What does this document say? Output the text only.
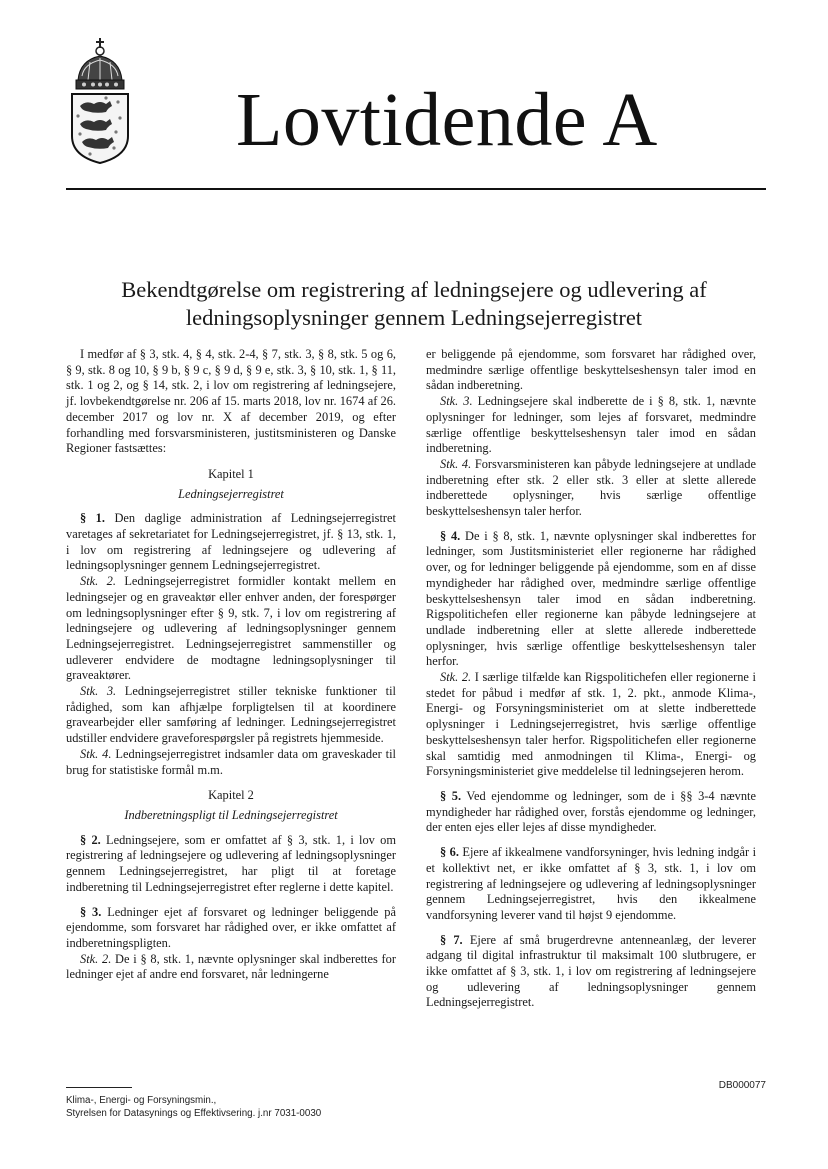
Lovtidende A
Bekendtgørelse om registrering af ledningsejere og udlevering af
ledningsoplysninger gennem Ledningsejerregistret

I medfør af § 3, stk. 4, § 4, stk. 2-4, § 7, stk. 3, § 8, stk. 5 og 6, § 9, stk. 8 og 10, § 9 b, § 9 c, § 9 d, § 9 e, stk. 3, § 10, stk. 1, § 11, stk. 1 og 2, og § 14, stk. 2, i lov om registrering af ledningsejere, jf. lovbekendtgørelse nr. 206 af 15. marts 2018, lov nr. 1674 af 26. december 2017 og lov nr. X af december 2019, og efter forhandling med forsvarsministeren, justitsministeren og Danske Regioner fastsættes:

Kapitel 1

Ledningsejerregistret

§ 1. Den daglige administration af Ledningsejerregistret varetages af sekretariatet for Ledningsejerregistret, jf. § 13, stk. 1, i lov om registrering af ledningsejere og udlevering af ledningsoplysninger gennem Ledningsejerregistret.

Stk. 2. Ledningsejerregistret formidler kontakt mellem en ledningsejer og en graveaktør eller enhver anden, der forespørger om ledningsoplysninger efter § 9, stk. 7, i lov om registrering af ledningsejere og udlevering af ledningsoplysninger gennem Ledningsejerregistret. Ledningsejerregistret sammenstiller og udleverer endvidere de modtagne ledningsoplysninger til graveaktører.

Stk. 3. Ledningsejerregistret stiller tekniske funktioner til rådighed, som kan afhjælpe forpligtelsen til at koordinere gravearbejder eller samføring af ledninger. Ledningsejerregistret udstiller endvidere graveforespørgsler på registrets hjemmeside.

Stk. 4. Ledningsejerregistret indsamler data om graveskader til brug for statistiske formål m.m.

Kapitel 2

Indberetningspligt til Ledningsejerregistret

§ 2. Ledningsejere, som er omfattet af § 3, stk. 1, i lov om registrering af ledningsejere og udlevering af ledningsoplysninger gennem Ledningsejerregistret, har pligt til at foretage indberetning til Ledningsejerregistret efter reglerne i dette kapitel.

§ 3. Ledninger ejet af forsvaret og ledninger beliggende på ejendomme, som forsvaret har rådighed over, er ikke omfattet af indberetningspligten.

Stk. 2. De i § 8, stk. 1, nævnte oplysninger skal indberettes for ledninger ejet af andre end forsvaret, når ledningerne

er beliggende på ejendomme, som forsvaret har rådighed over, medmindre særlige offentlige beskyttelseshensyn taler imod en sådan indberetning.

Stk. 3. Ledningsejere skal indberette de i § 8, stk. 1, nævnte oplysninger for ledninger, som lejes af forsvaret, medmindre særlige offentlige beskyttelseshensyn taler imod en sådan indberetning.

Stk. 4. Forsvarsministeren kan påbyde ledningsejere at undlade indberetning efter stk. 2 eller stk. 3 eller at slette allerede indberettede oplysninger, hvis særlige offentlige beskyttelseshensyn taler herfor.

§ 4. De i § 8, stk. 1, nævnte oplysninger skal indberettes for ledninger, som Justitsministeriet eller regionerne har rådighed over, og for ledninger beliggende på ejendomme, som en af disse myndigheder har rådighed over, medmindre særlige offentlige beskyttelseshensyn taler imod en sådan indberetning. Rigspolitichefen eller regionerne kan påbyde ledningsejere at undlade indberetning eller at slette allerede indberettede oplysninger, hvis særlige offentlige beskyttelseshensyn taler herfor.

Stk. 2. I særlige tilfælde kan Rigspolitichefen eller regionerne i stedet for påbud i medfør af stk. 1, 2. pkt., anmode Klima-, Energi- og Forsyningsministeriet om at slette indberettede oplysninger i Ledningsejerregistret, hvis særlige offentlige beskyttelseshensyn taler herfor. Rigspolitichefen eller regionerne skal samtidig med anmodningen til Klima-, Energi- og Forsyningsministeriet give meddelelse til ledningsejeren herom.

§ 5. Ved ejendomme og ledninger, som de i §§ 3-4 nævnte myndigheder har rådighed over, forstås ejendomme og ledninger, der enten ejes eller lejes af disse myndigheder.

§ 6. Ejere af ikkealmene vandforsyninger, hvis ledning indgår i et kollektivt net, er ikke omfattet af § 3, stk. 1, i lov om registrering af ledningsejere og udlevering af ledningsoplysninger gennem Ledningsejerregistret, hvis den ikkealmene vandforsyning leverer vand til højst 9 ejendomme.

§ 7. Ejere af små brugerdrevne antenneanlæg, der leverer adgang til digital infrastruktur til maksimalt 100 slutbrugere, er ikke omfattet af § 3, stk. 1, i lov om registrering af ledningsejere og udlevering af ledningsoplysninger gennem Ledningsejerregistret.

DB000077
Klima-, Energi- og Forsyningsmin.,
Styrelsen for Datasynings og Effektivsering. j.nr 7031-0030
